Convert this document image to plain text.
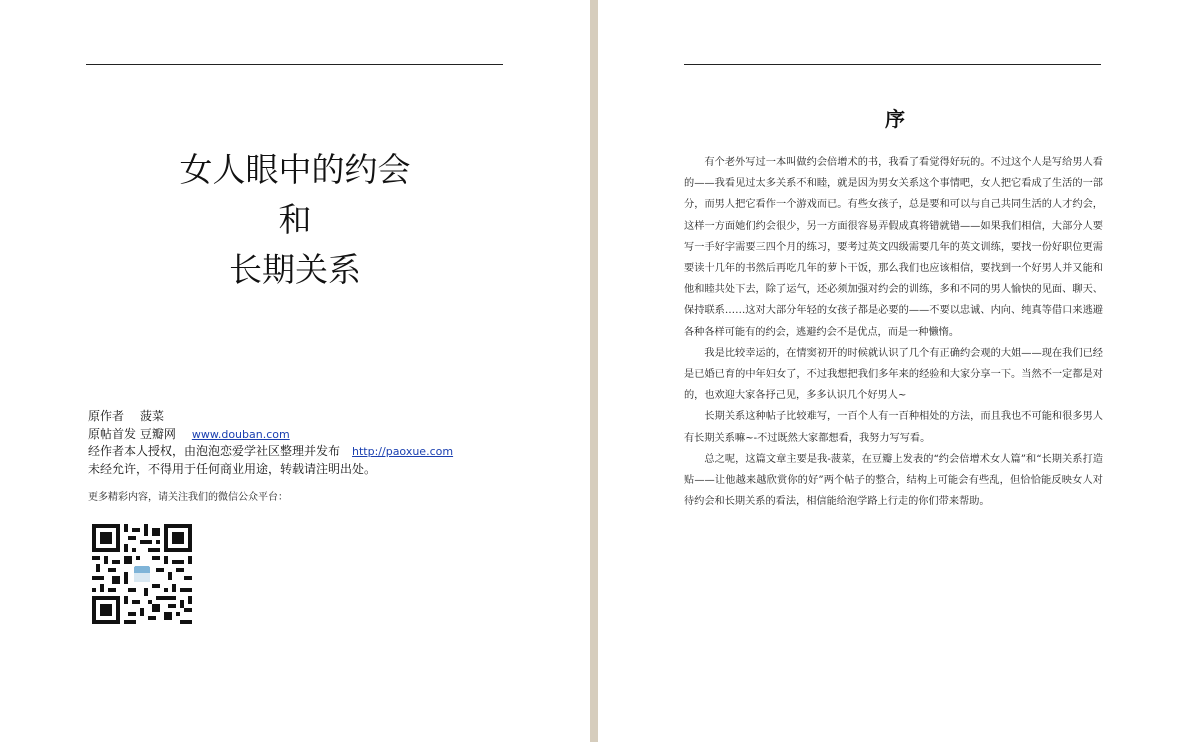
女人眼中的约会
和
长期关系
原作者 菠菜
原帖首发 豆瓣网 www.douban.com
经作者本人授权，由泡泡恋爱学社区整理并发布 http://paoxue.com
未经允许，不得用于任何商业用途，转载请注明出处。
更多精彩内容，请关注我们的微信公众平台：
序

有个老外写过一本叫做约会倍增术的书，我看了看觉得好玩的。不过这个人是写给男人看的——我看见过太多关系不和睦，就是因为男女关系这个事情吧，女人把它看成了生活的一部分，而男人把它看作一个游戏而已。有些女孩子，总是要和可以与自己共同生活的人才约会，这样一方面她们约会很少，另一方面很容易弄假成真将错就错——如果我们相信，大部分人要写一手好字需要三四个月的练习，要考过英文四级需要几年的英文训练，要找一份好职位更需要读十几年的书然后再吃几年的萝卜干饭，那么我们也应该相信，要找到一个好男人并又能和他和睦共处下去，除了运气，还必须加强对约会的训练，多和不同的男人愉快的见面、聊天、保持联系……这对大部分年轻的女孩子都是必要的——不要以忠诚、内向、纯真等借口来逃避各种各样可能有的约会，逃避约会不是优点，而是一种懒惰。

我是比较幸运的，在情窦初开的时候就认识了几个有正确约会观的大姐——现在我们已经是已婚已育的中年妇女了，不过我想把我们多年来的经验和大家分享一下。当然不一定都是对的，也欢迎大家各抒己见，多多认识几个好男人~

长期关系这种帖子比较难写，一百个人有一百种相处的方法，而且我也不可能和很多男人有长期关系嘛~-不过既然大家都想看，我努力写写看。

总之呢，这篇文章主要是我-菠菜，在豆瓣上发表的“约会倍增术女人篇”和“长期关系打造贴——让他越来越欣赏你的好”两个帖子的整合，结构上可能会有些乱，但恰恰能反映女人对待约会和长期关系的看法，相信能给泡学路上行走的你们带来帮助。
